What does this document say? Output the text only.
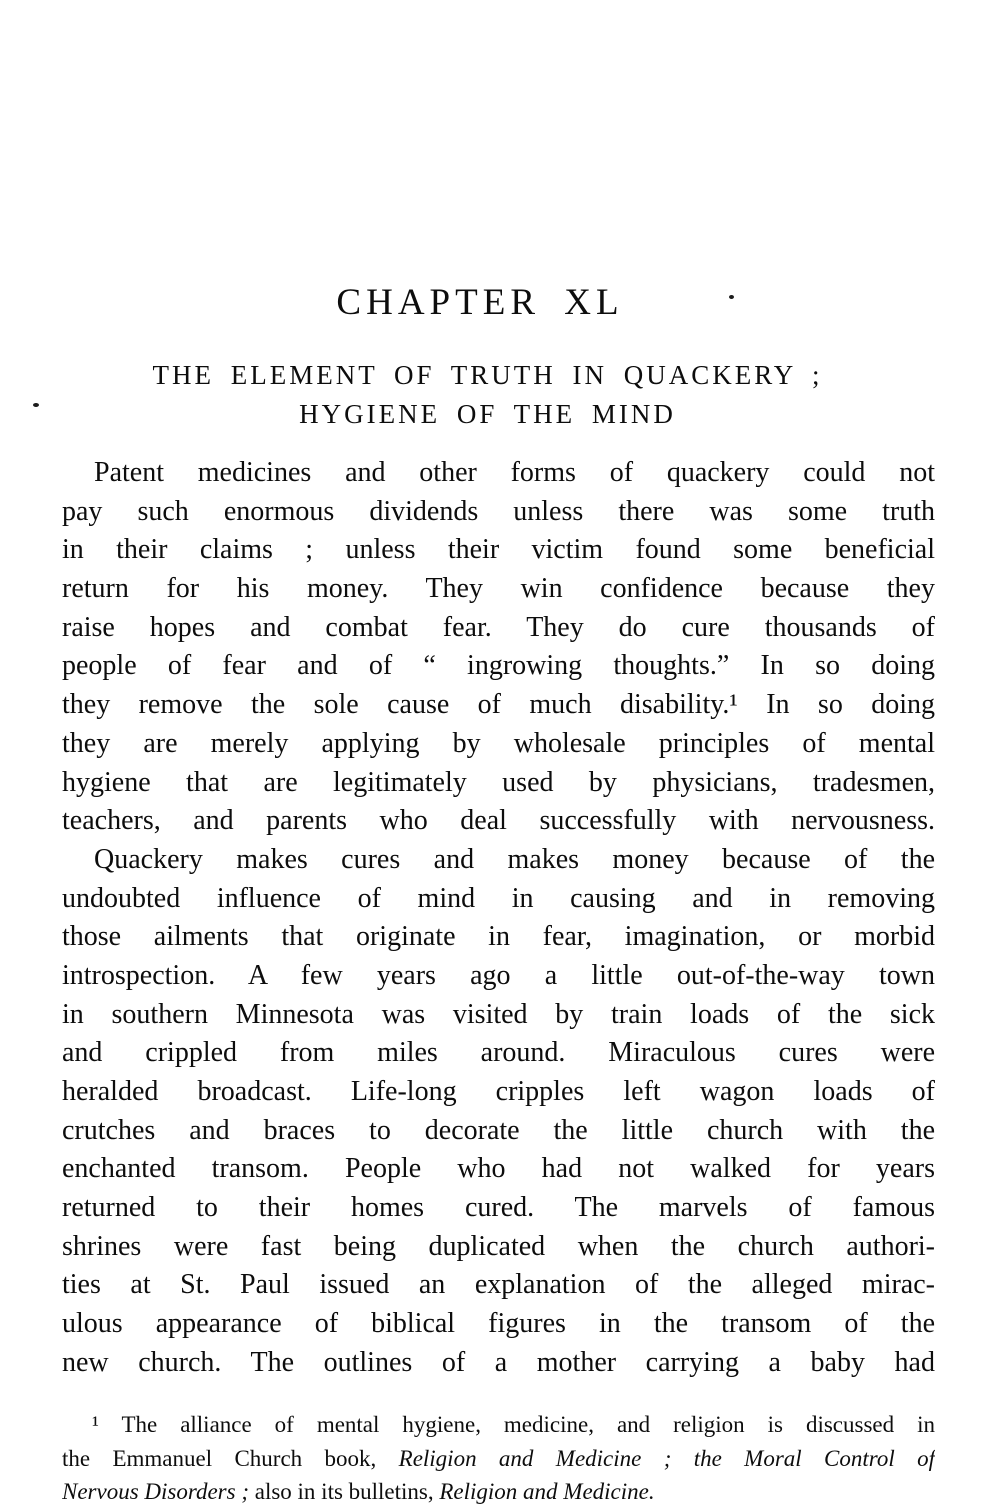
CHAPTER XL
THE ELEMENT OF TRUTH IN QUACKERY ;
HYGIENE OF THE MIND
Patent medicines and other forms of quackery could not
pay such enormous dividends unless there was some truth
in their claims ; unless their victim found some beneficial
return for his money. They win confidence because they
raise hopes and combat fear. They do cure thousands of
people of fear and of “ ingrowing thoughts.” In so doing
they remove the sole cause of much disability.¹ In so doing
they are merely applying by wholesale principles of mental
hygiene that are legitimately used by physicians, tradesmen,
teachers, and parents who deal successfully with nervousness.
Quackery makes cures and makes money because of the
undoubted influence of mind in causing and in removing
those ailments that originate in fear, imagination, or morbid
introspection. A few years ago a little out-of-the-way town
in southern Minnesota was visited by train loads of the sick
and crippled from miles around. Miraculous cures were
heralded broadcast. Life-long cripples left wagon loads of
crutches and braces to decorate the little church with the
enchanted transom. People who had not walked for years
returned to their homes cured. The marvels of famous
shrines were fast being duplicated when the church authori-
ties at St. Paul issued an explanation of the alleged mirac-
ulous appearance of biblical figures in the transom of the
new church. The outlines of a mother carrying a baby had
¹ The alliance of mental hygiene, medicine, and religion is discussed in
the Emmanuel Church book, Religion and Medicine ; the Moral Control of
Nervous Disorders ; also in its bulletins, Religion and Medicine.
